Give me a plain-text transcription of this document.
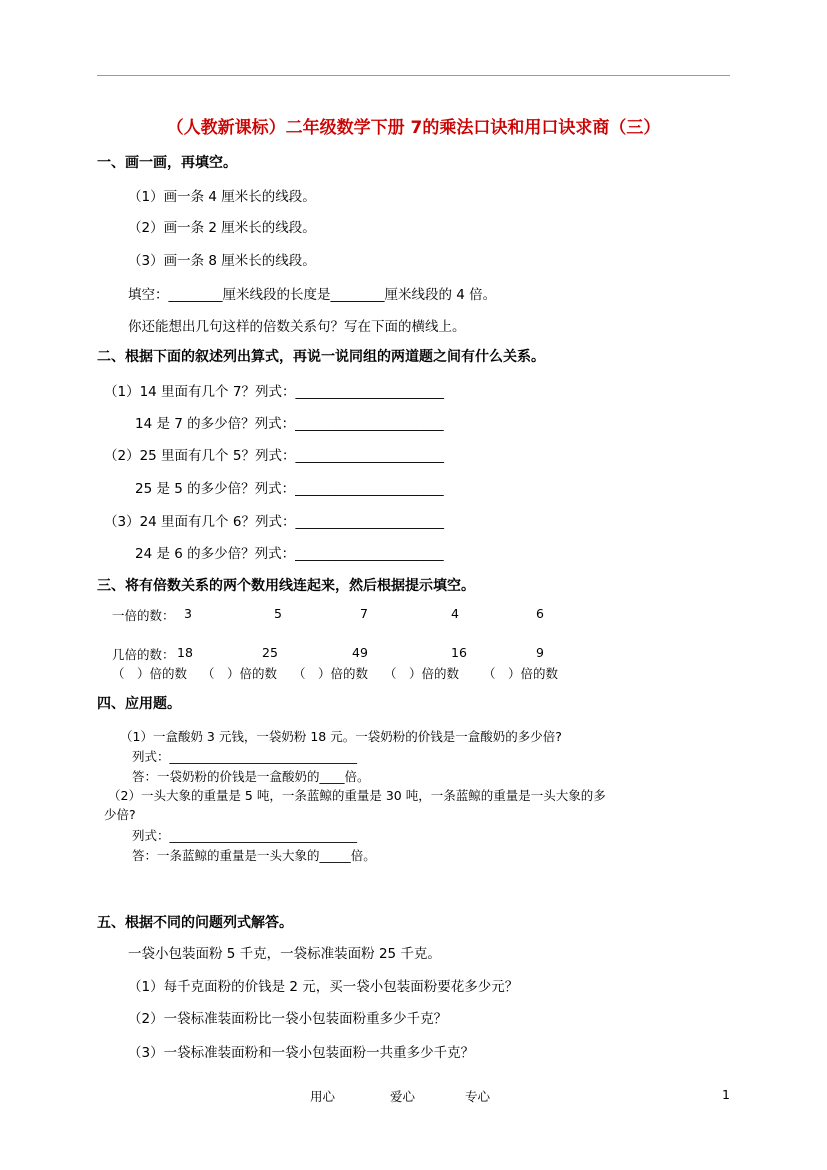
（人教新课标）二年级数学下册 7的乘法口诀和用口诀求商（三）
一、画一画，再填空。
（1）画一条 4 厘米长的线段。
（2）画一条 2 厘米长的线段。
（3）画一条 8 厘米长的线段。
填空：________厘米线段的长度是________厘米线段的 4 倍。
你还能想出几句这样的倍数关系句？写在下面的横线上。
二、根据下面的叙述列出算式，再说一说同组的两道题之间有什么关系。
（1）14 里面有几个 7？列式：______________________
14 是 7 的多少倍？列式：______________________
（2）25 里面有几个 5？列式：______________________
25 是 5 的多少倍？列式：______________________
（3）24 里面有几个 6？列式：______________________
24 是 6 的多少倍？列式：______________________
三、将有倍数关系的两个数用线连起来，然后根据提示填空。
一倍的数： 3	5	7	4	6
几倍的数： 18	25	49	16	9
（　）倍的数 （　）倍的数 （　）倍的数 （　）倍的数 （　）倍的数
四、应用题。
（1）一盒酸奶 3 元钱，一袋奶粉 18 元。一袋奶粉的价钱是一盒酸奶的多少倍?
列式：______________________________
答：一袋奶粉的价钱是一盒酸奶的____倍。
（2）一头大象的重量是 5 吨，一条蓝鲸的重量是 30 吨，一条蓝鲸的重量是一头大象的多
少倍?
列式：______________________________
答：一条蓝鲸的重量是一头大象的_____倍。
五、根据不同的问题列式解答。
一袋小包装面粉 5 千克，一袋标准装面粉 25 千克。
（1）每千克面粉的价钱是 2 元，买一袋小包装面粉要花多少元？
（2）一袋标准装面粉比一袋小包装面粉重多少千克？
（3）一袋标准装面粉和一袋小包装面粉一共重多少千克？
用心	爱心	专心	1
